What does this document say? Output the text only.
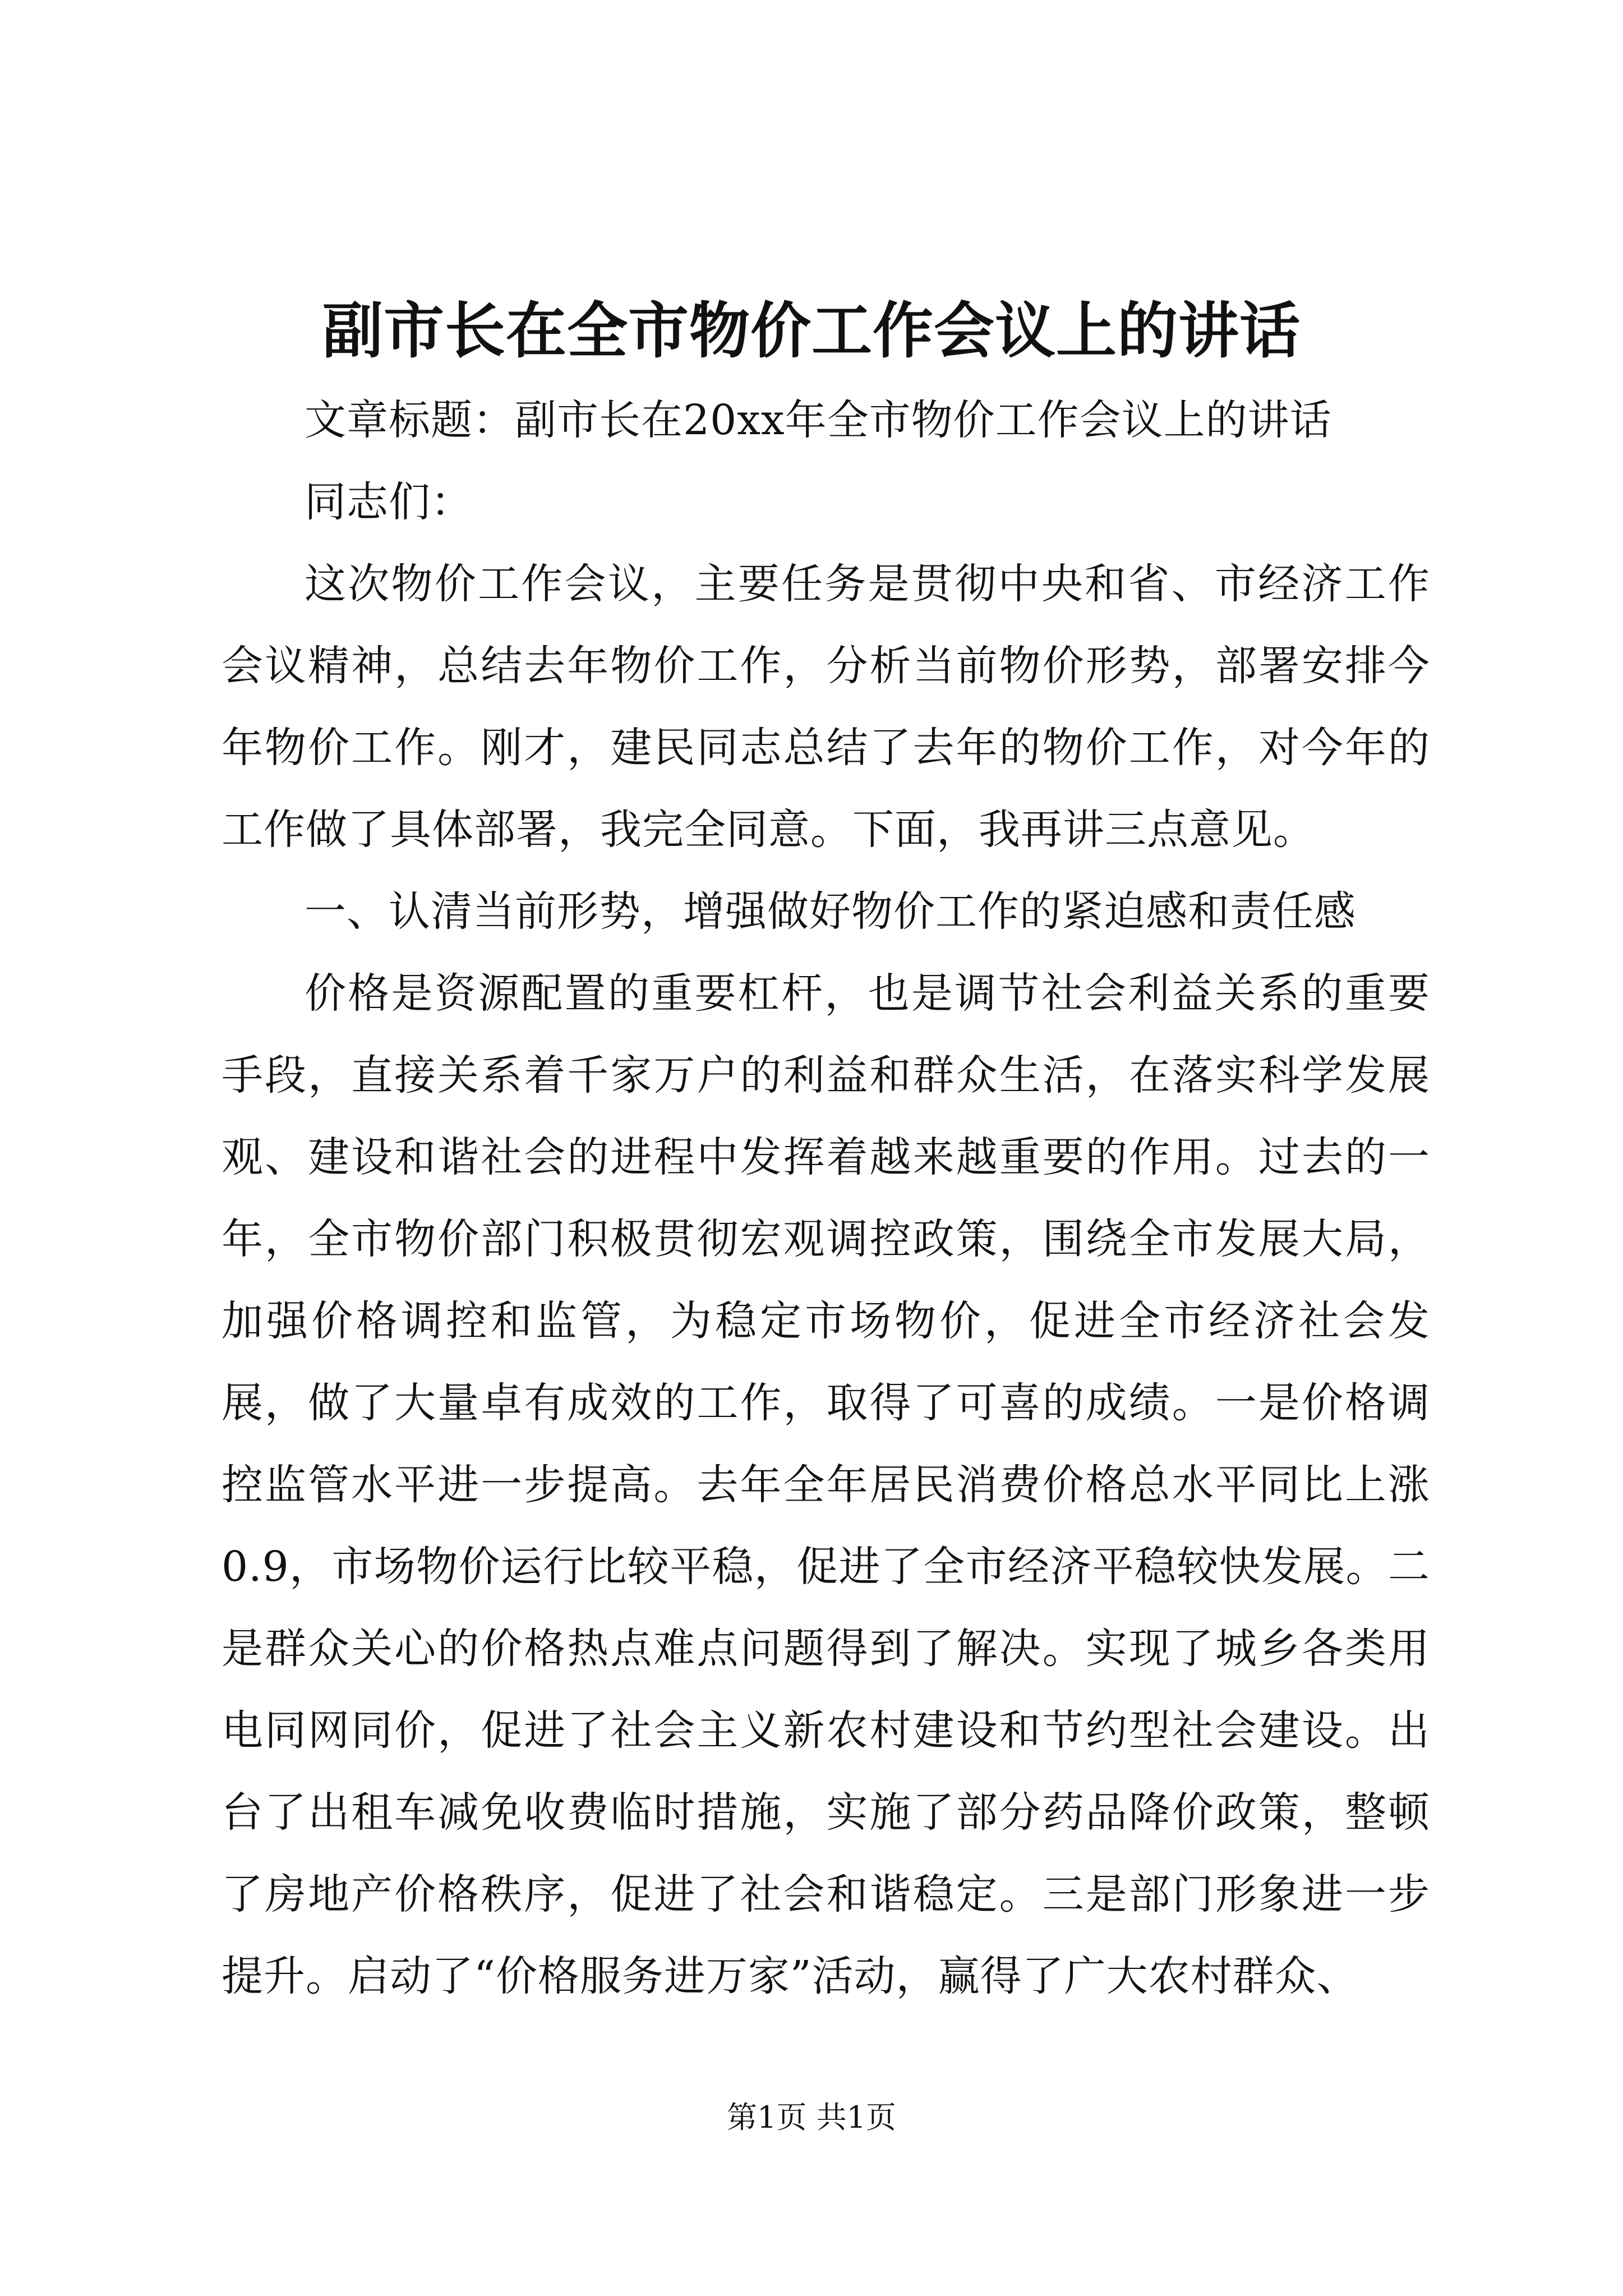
副市长在全市物价工作会议上的讲话

文章标题：副市长在20xx年全市物价工作会议上的讲话

同志们：

这次物价工作会议，主要任务是贯彻中央和省、市经济工作会议精神，总结去年物价工作，分析当前物价形势，部署安排今年物价工作。刚才，建民同志总结了去年的物价工作，对今年的工作做了具体部署，我完全同意。下面，我再讲三点意见。

一、认清当前形势，增强做好物价工作的紧迫感和责任感

价格是资源配置的重要杠杆，也是调节社会利益关系的重要手段，直接关系着千家万户的利益和群众生活，在落实科学发展观、建设和谐社会的进程中发挥着越来越重要的作用。过去的一年，全市物价部门积极贯彻宏观调控政策，围绕全市发展大局，加强价格调控和监管，为稳定市场物价，促进全市经济社会发展，做了大量卓有成效的工作，取得了可喜的成绩。一是价格调控监管水平进一步提高。去年全年居民消费价格总水平同比上涨0.9，市场物价运行比较平稳，促进了全市经济平稳较快发展。二是群众关心的价格热点难点问题得到了解决。实现了城乡各类用电同网同价，促进了社会主义新农村建设和节约型社会建设。出台了出租车减免收费临时措施，实施了部分药品降价政策，整顿了房地产价格秩序，促进了社会和谐稳定。三是部门形象进一步提升。启动了“价格服务进万家”活动，赢得了广大农村群众、

第1页 共1页
